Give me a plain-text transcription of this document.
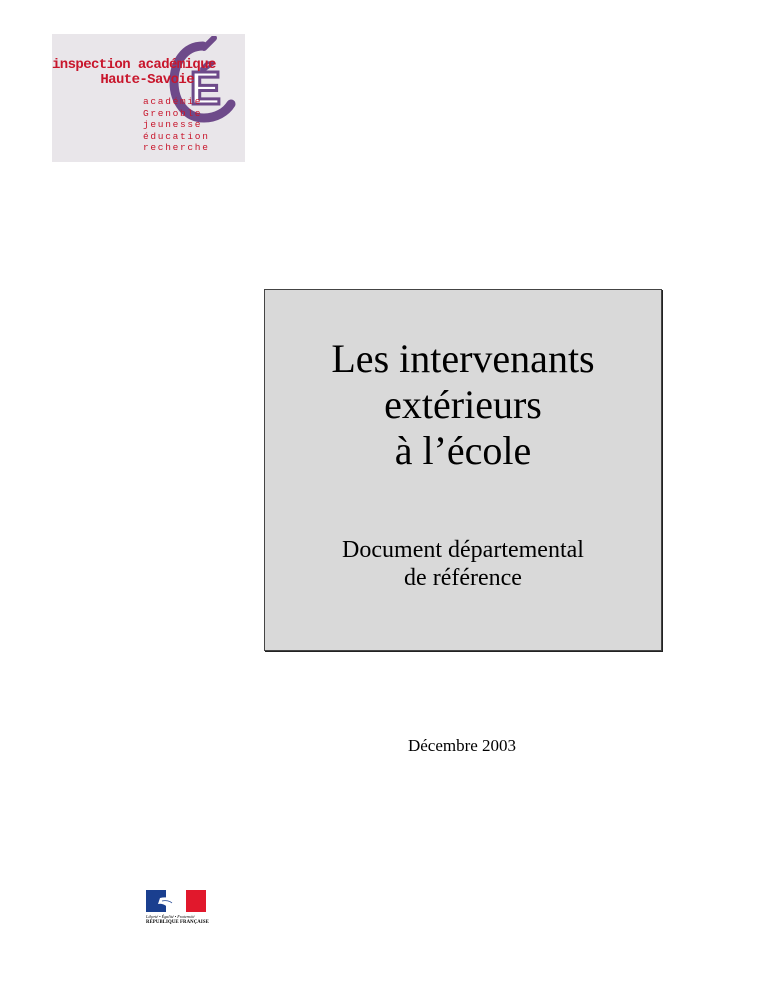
É
inspection académique
Haute-Savoie
académie
Grenoble
jeunesse
éducation
recherche
Les intervenants
extérieurs
à l’école
Document départemental
de référence
Décembre 2003
Liberté • Égalité • Fraternité
RÉPUBLIQUE FRANÇAISE
